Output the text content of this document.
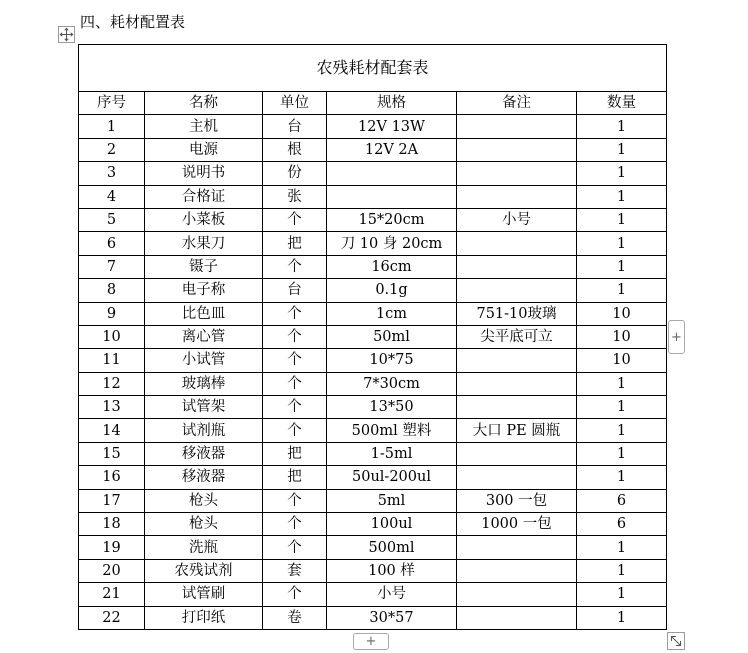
四、耗材配置表
农残耗材配套表					
序号	名称	单位	规格	备注	数量
1	主机	台	12V 13W		1
2	电源	根	12V 2A		1
3	说明书	份			1
4	合格证	张			1
5	小菜板	个	15*20cm	小号	1
6	水果刀	把	刀 10 身 20cm		1
7	镊子	个	16cm		1
8	电子称	台	0.1g		1
9	比色皿	个	1cm	751-10玻璃	10
10	离心管	个	50ml	尖平底可立	10
11	小试管	个	10*75		10
12	玻璃棒	个	7*30cm		1
13	试管架	个	13*50		1
14	试剂瓶	个	500ml 塑料	大口 PE 圆瓶	1
15	移液器	把	1-5ml		1
16	移液器	把	50ul-200ul		1
17	枪头	个	5ml	300 一包	6
18	枪头	个	100ul	1000 一包	6
19	洗瓶	个	500ml		1
20	农残试剂	套	100 样		1
21	试管刷	个	小号		1
22	打印纸	卷	30*57		1
+
+
